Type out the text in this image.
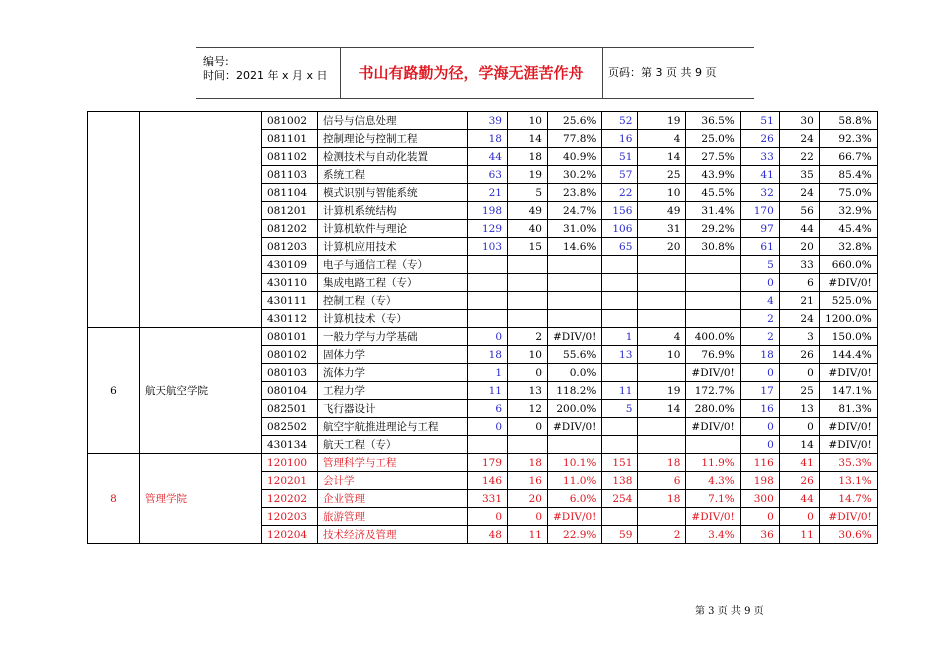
编号:
时间：2021 年 x 月 x 日	书山有路勤为径，学海无涯苦作舟	页码：第 3 页 共 9 页
		081002	信号与信息处理	39	10	25.6%	52	19	36.5%	51	30	58.8%
		081101	控制理论与控制工程	18	14	77.8%	16	4	25.0%	26	24	92.3%
		081102	检测技术与自动化装置	44	18	40.9%	51	14	27.5%	33	22	66.7%
		081103	系统工程	63	19	30.2%	57	25	43.9%	41	35	85.4%
		081104	模式识别与智能系统	21	5	23.8%	22	10	45.5%	32	24	75.0%
		081201	计算机系统结构	198	49	24.7%	156	49	31.4%	170	56	32.9%
		081202	计算机软件与理论	129	40	31.0%	106	31	29.2%	97	44	45.4%
		081203	计算机应用技术	103	15	14.6%	65	20	30.8%	61	20	32.8%
		430109	电子与通信工程（专）							5	33	660.0%
		430110	集成电路工程（专）							0	6	#DIV/0!
		430111	控制工程（专）							4	21	525.0%
		430112	计算机技术（专）							2	24	1200.0%
6	航天航空学院	080101	一般力学与力学基础	0	2	#DIV/0!	1	4	400.0%	2	3	150.0%
		080102	固体力学	18	10	55.6%	13	10	76.9%	18	26	144.4%
		080103	流体力学	1	0	0.0%			#DIV/0!	0	0	#DIV/0!
		080104	工程力学	11	13	118.2%	11	19	172.7%	17	25	147.1%
		082501	飞行器设计	6	12	200.0%	5	14	280.0%	16	13	81.3%
		082502	航空宇航推进理论与工程	0	0	#DIV/0!			#DIV/0!	0	0	#DIV/0!
		430134	航天工程（专）							0	14	#DIV/0!
8	管理学院	120100	管理科学与工程	179	18	10.1%	151	18	11.9%	116	41	35.3%
		120201	会计学	146	16	11.0%	138	6	4.3%	198	26	13.1%
		120202	企业管理	331	20	6.0%	254	18	7.1%	300	44	14.7%
		120203	旅游管理	0	0	#DIV/0!			#DIV/0!	0	0	#DIV/0!
		120204	技术经济及管理	48	11	22.9%	59	2	3.4%	36	11	30.6%
第 3 页 共 9 页
